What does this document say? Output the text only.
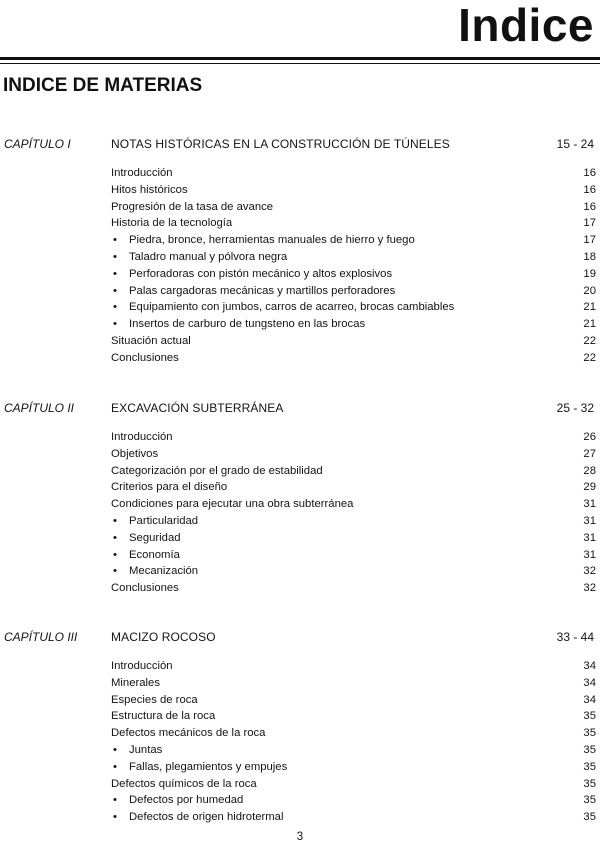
Indice
INDICE DE MATERIAS
CAPÍTULO I	NOTAS HISTÓRICAS EN LA CONSTRUCCIÓN DE TÚNELES	15 - 24
Introducción	16
Hitos históricos	16
Progresión de la tasa de avance	16
Historia de la tecnología	17
• Piedra, bronce, herramientas manuales de hierro y fuego	17
• Taladro manual y pólvora negra	18
• Perforadoras con pistón mecánico y altos explosivos	19
• Palas cargadoras mecánicas y martillos perforadores	20
• Equipamiento con jumbos, carros de acarreo, brocas cambiables	21
• Insertos de carburo de tungsteno en las brocas	21
Situación actual	22
Conclusiones	22
CAPÍTULO II	EXCAVACIÓN SUBTERRÁNEA	25 - 32
Introducción	26
Objetivos	27
Categorización por el grado de estabilidad	28
Criterios para el diseño	29
Condiciones para ejecutar una obra subterránea	31
• Particularidad	31
• Seguridad	31
• Economía	31
• Mecanización	32
Conclusiones	32
CAPÍTULO III	MACIZO ROCOSO	33 - 44
Introducción	34
Minerales	34
Especies de roca	34
Estructura de la roca	35
Defectos mecánicos de la roca	35
• Juntas	35
• Fallas, plegamientos y empujes	35
Defectos químicos de la roca	35
• Defectos por humedad	35
• Defectos de origen hidrotermal	35
3
